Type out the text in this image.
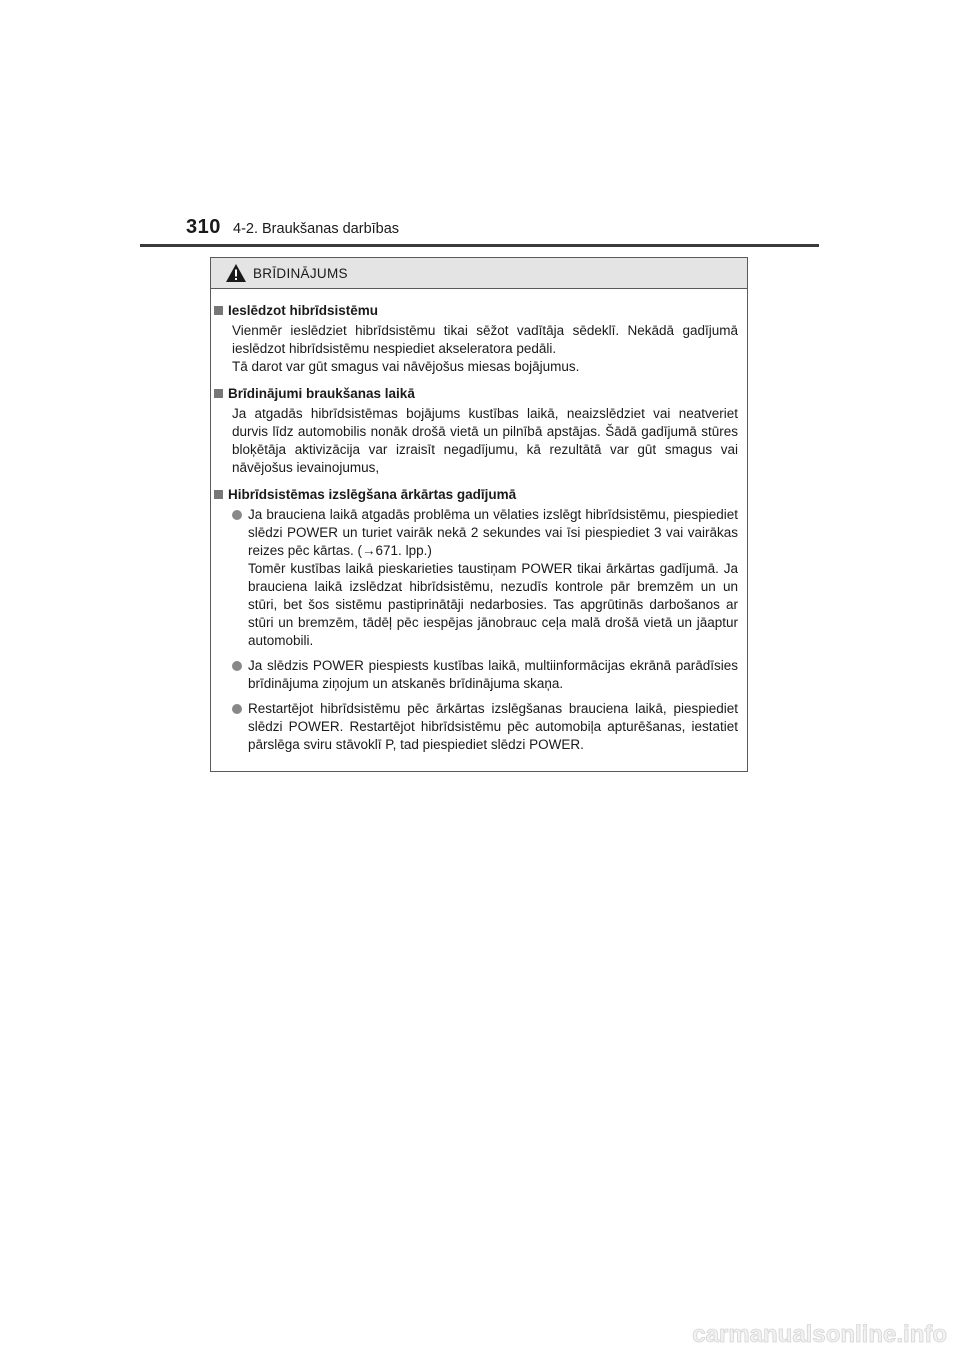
310 4-2. Braukšanas darbības
BRĪDINĀJUMS
Ieslēdzot hibrīdsistēmu
Vienmēr ieslēdziet hibrīdsistēmu tikai sēžot vadītāja sēdeklī. Nekādā gadījumā ieslēdzot hibrīdsistēmu nespiediet akseleratora pedāli.
Tā darot var gūt smagus vai nāvējošus miesas bojājumus.
Brīdinājumi braukšanas laikā
Ja atgadās hibrīdsistēmas bojājums kustības laikā, neaizslēdziet vai neatveriet durvis līdz automobilis nonāk drošā vietā un pilnībā apstājas. Šādā gadījumā stūres bloķētāja aktivizācija var izraisīt negadījumu, kā rezultātā var gūt smagus vai nāvējošus ievainojumus,
Hibrīdsistēmas izslēgšana ārkārtas gadījumā
Ja brauciena laikā atgadās problēma un vēlaties izslēgt hibrīdsistēmu, piespiediet slēdzi POWER un turiet vairāk nekā 2 sekundes vai īsi piespiediet 3 vai vairākas reizes pēc kārtas. (→671. lpp.)
Tomēr kustības laikā pieskarieties taustiņam POWER tikai ārkārtas gadījumā. Ja brauciena laikā izslēdzat hibrīdsistēmu, nezudīs kontrole pār bremzēm un un stūri, bet šos sistēmu pastiprinātāji nedarbosies. Tas apgrūtinās darbošanos ar stūri un bremzēm, tādēļ pēc iespējas jānobrauc ceļa malā drošā vietā un jāaptur automobili.
Ja slēdzis POWER piespiests kustības laikā, multiinformācijas ekrānā parādīsies brīdinājuma ziņojum un atskanēs brīdinājuma skaņa.
Restartējot hibrīdsistēmu pēc ārkārtas izslēgšanas brauciena laikā, piespiediet slēdzi POWER. Restartējot hibrīdsistēmu pēc automobiļa apturēšanas, iestatiet pārslēga sviru stāvoklī P, tad piespiediet slēdzi POWER.
carmanualsonline.info
